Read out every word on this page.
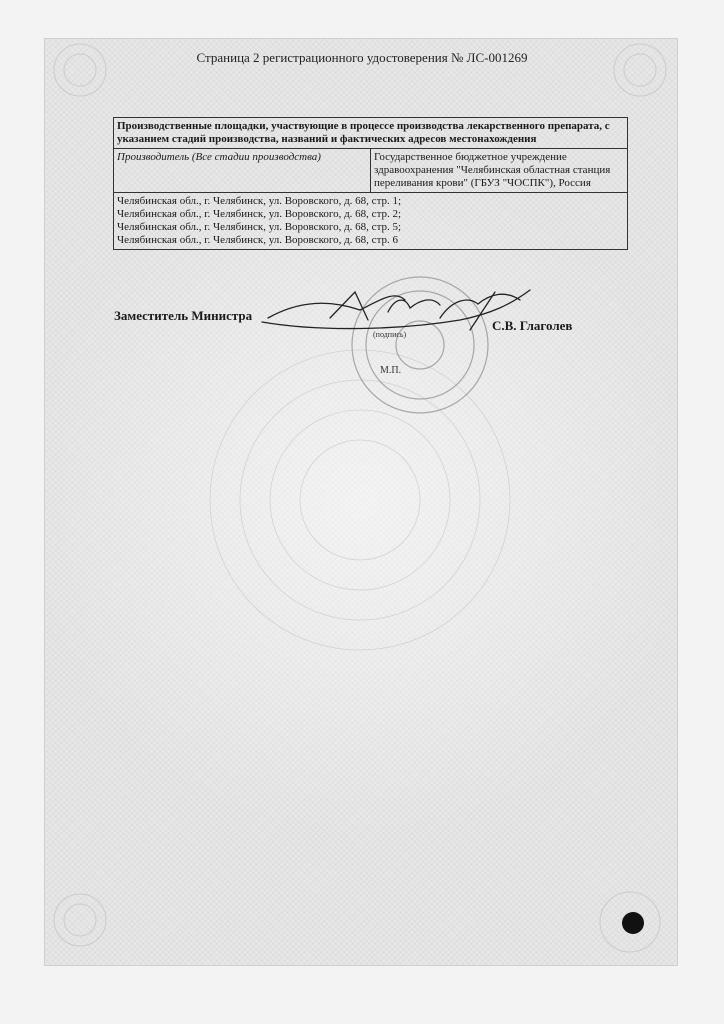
Страница 2 регистрационного удостоверения № ЛС-001269
Производственные площадки, участвующие в процессе производства лекарственного препарата, с указанием стадий производства, названий и фактических адресов местонахождения
Производитель (Все стадии производства)	Государственное бюджетное учреждение здравоохранения "Челябинская областная станция переливания крови" (ГБУЗ "ЧОСПК"), Россия

Челябинская обл., г. Челябинск, ул. Воровского, д. 68, стр. 1;
Челябинская обл., г. Челябинск, ул. Воровского, д. 68, стр. 2;
Челябинская обл., г. Челябинск, ул. Воровского, д. 68, стр. 5;
Челябинская обл., г. Челябинск, ул. Воровского, д. 68, стр. 6
Заместитель Министра
(подпись)
С.В. Глаголев
М.П.
